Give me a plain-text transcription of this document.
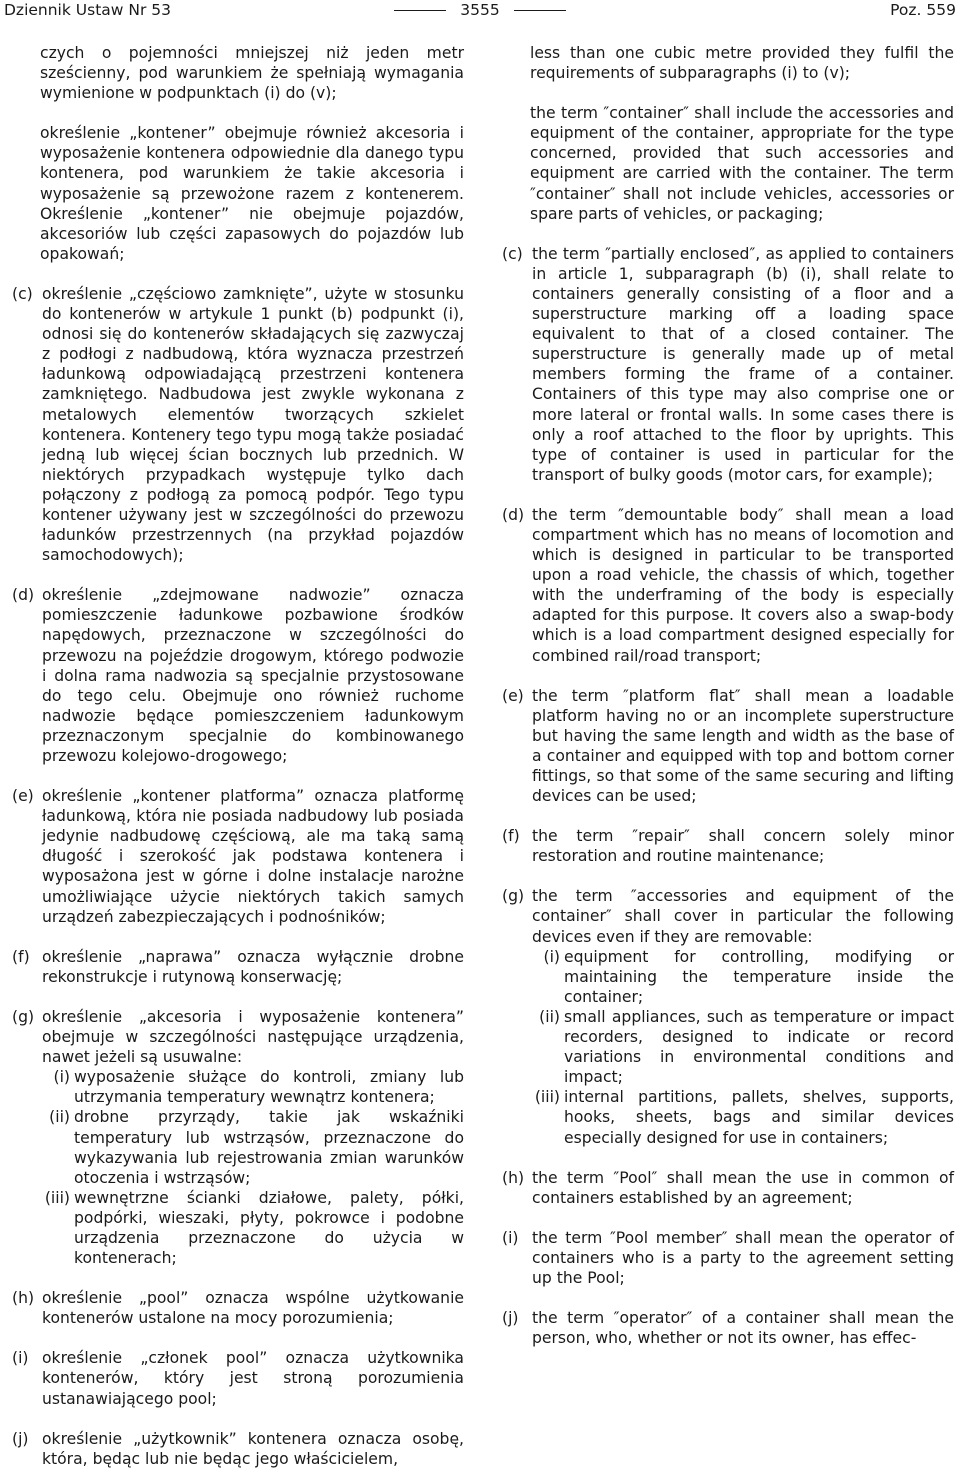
Dziennik Ustaw Nr 53	3555	Poz. 559

czych o pojemności mniejszej niż jeden metr sześcienny, pod warunkiem że spełniają wymagania wymienione w podpunktach (i) do (v);

określenie „kontener” obejmuje również akcesoria i wyposażenie kontenera odpowiednie dla danego typu kontenera, pod warunkiem że takie akcesoria i wyposażenie są przewożone razem z kontenerem. Określenie „kontener” nie obejmuje pojazdów, akcesoriów lub części zapasowych do pojazdów lub opakowań;

(c) określenie „częściowo zamknięte”, użyte w stosunku do kontenerów w artykule 1 punkt (b) podpunkt (i), odnosi się do kontenerów składających się zazwyczaj z podłogi z nadbudową, która wyznacza przestrzeń ładunkową odpowiadającą przestrzeni kontenera zamkniętego. Nadbudowa jest zwykle wykonana z metalowych elementów tworzących szkielet kontenera. Kontenery tego typu mogą także posiadać jedną lub więcej ścian bocznych lub przednich. W niektórych przypadkach występuje tylko dach połączony z podłogą za pomocą podpór. Tego typu kontener używany jest w szczególności do przewozu ładunków przestrzennych (na przykład pojazdów samochodowych);
(d) określenie „zdejmowane nadwozie” oznacza pomieszczenie ładunkowe pozbawione środków napędowych, przeznaczone w szczególności do przewozu na pojeździe drogowym, którego podwozie i dolna rama nadwozia są specjalnie przystosowane do tego celu. Obejmuje ono również ruchome nadwozie będące pomieszczeniem ładunkowym przeznaczonym specjalnie do kombinowanego przewozu kolejowo-drogowego;
(e) określenie „kontener platforma” oznacza platformę ładunkową, która nie posiada nadbudowy lub posiada jedynie nadbudowę częściową, ale ma taką samą długość i szerokość jak podstawa kontenera i wyposażona jest w górne i dolne instalacje narożne umożliwiające użycie niektórych takich samych urządzeń zabezpieczających i podnośników;
(f) określenie „naprawa” oznacza wyłącznie drobne rekonstrukcje i rutynową konserwację;
(g) określenie „akcesoria i wyposażenie kontenera” obejmuje w szczególności następujące urządzenia, nawet jeżeli są usuwalne:
(i) wyposażenie służące do kontroli, zmiany lub utrzymania temperatury wewnątrz kontenera;
(ii) drobne przyrządy, takie jak wskaźniki temperatury lub wstrząsów, przeznaczone do wykazywania lub rejestrowania zmian warunków otoczenia i wstrząsów;
(iii) wewnętrzne ścianki działowe, palety, półki, podpórki, wieszaki, płyty, pokrowce i podobne urządzenia przeznaczone do użycia w kontenerach;
(h) określenie „pool” oznacza wspólne użytkowanie kontenerów ustalone na mocy porozumienia;
(i) określenie „członek pool” oznacza użytkownika kontenerów, który jest stroną porozumienia ustanawiającego pool;
(j) określenie „użytkownik” kontenera oznacza osobę, która, będąc lub nie będąc jego właścicielem,

less than one cubic metre provided they fulfil the requirements of subparagraphs (i) to (v);

the term ″container″ shall include the accessories and equipment of the container, appropriate for the type concerned, provided that such accessories and equipment are carried with the container. The term ″container″ shall not include vehicles, accessories or spare parts of vehicles, or packaging;

(c) the term ″partially enclosed″, as applied to containers in article 1, subparagraph (b) (i), shall relate to containers generally consisting of a floor and a superstructure marking off a loading space equivalent to that of a closed container. The superstructure is generally made up of metal members forming the frame of a container. Containers of this type may also comprise one or more lateral or frontal walls. In some cases there is only a roof attached to the floor by uprights. This type of container is used in particular for the transport of bulky goods (motor cars, for example);
(d) the term ″demountable body″ shall mean a load compartment which has no means of locomotion and which is designed in particular to be transported upon a road vehicle, the chassis of which, together with the underframing of the body is especially adapted for this purpose. It covers also a swap-body which is a load compartment designed especially for combined rail/road transport;
(e) the term ″platform flat″ shall mean a loadable platform having no or an incomplete superstructure but having the same length and width as the base of a container and equipped with top and bottom corner fittings, so that some of the same securing and lifting devices can be used;
(f) the term ″repair″ shall concern solely minor restoration and routine maintenance;
(g) the term ″accessories and equipment of the container″ shall cover in particular the following devices even if they are removable:
(i) equipment for controlling, modifying or maintaining the temperature inside the container;
(ii) small appliances, such as temperature or impact recorders, designed to indicate or record variations in environmental conditions and impact;
(iii) internal partitions, pallets, shelves, supports, hooks, sheets, bags and similar devices especially designed for use in containers;
(h) the term ″Pool″ shall mean the use in common of containers established by an agreement;
(i) the term ″Pool member″ shall mean the operator of containers who is a party to the agreement setting up the Pool;
(j) the term ″operator″ of a container shall mean the person, who, whether or not its owner, has effec-
